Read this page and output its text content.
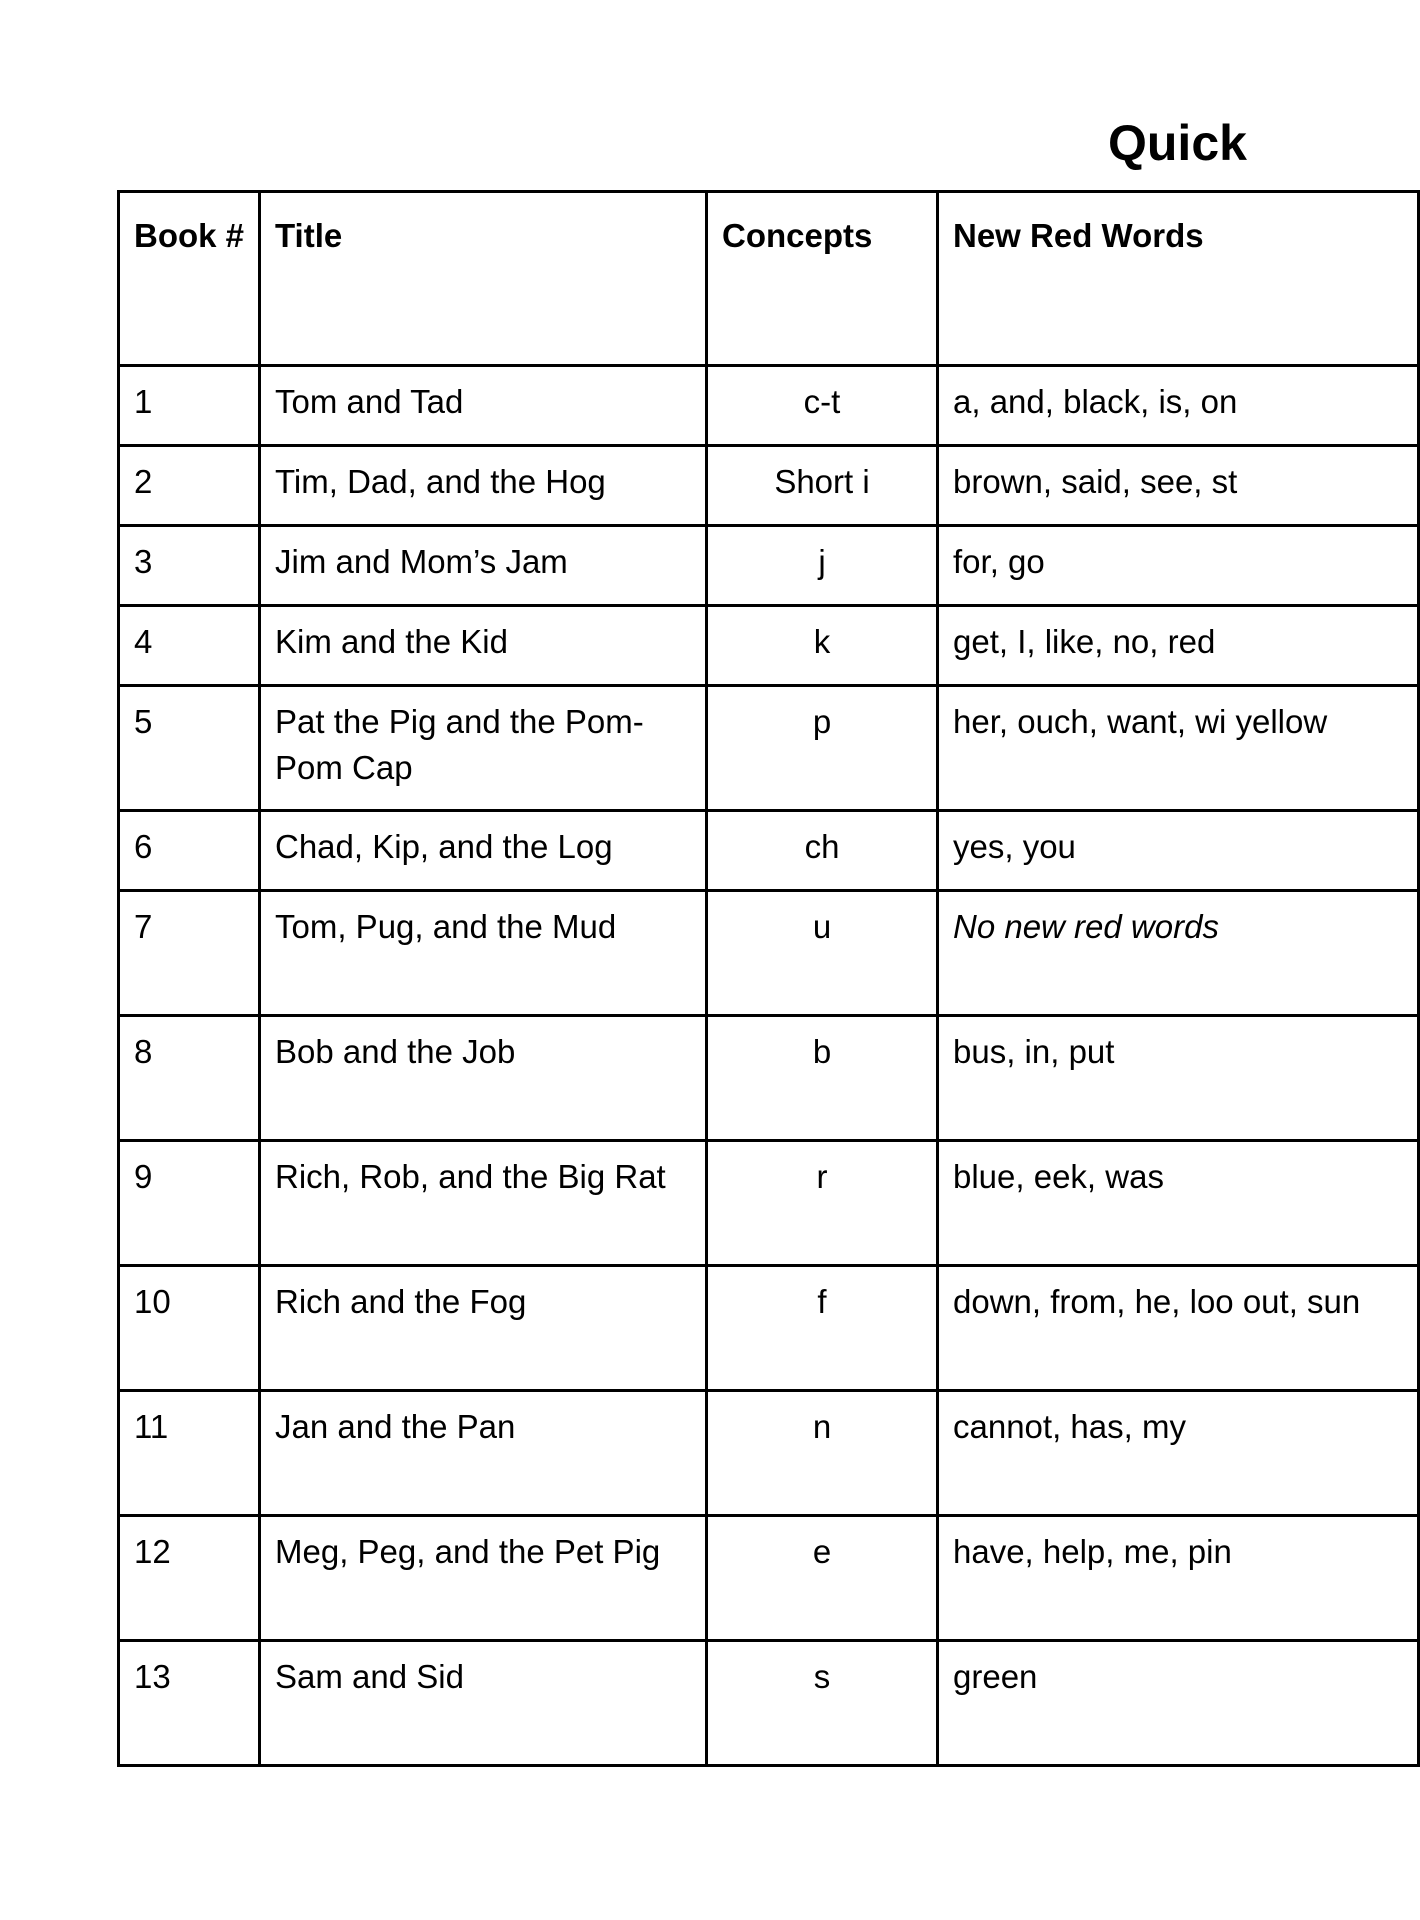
Quick
Book #	Title	Concepts	New Red Words
1	Tom and Tad	c-t	a, and, black, is, on
2	Tim, Dad, and the Hog	Short i	brown, said, see, st
3	Jim and Mom’s Jam	j	for, go
4	Kim and the Kid	k	get, I, like, no, red
5	Pat the Pig and the Pom-Pom Cap	p	her, ouch, want, wi yellow
6	Chad, Kip, and the Log	ch	yes, you
7	Tom, Pug, and the Mud	u	No new red words
8	Bob and the Job	b	bus, in, put
9	Rich, Rob, and the Big Rat	r	blue, eek, was
10	Rich and the Fog	f	down, from, he, loo out, sun
11	Jan and the Pan	n	cannot, has, my
12	Meg, Peg, and the Pet Pig	e	have, help, me, pin
13	Sam and Sid	s	green
